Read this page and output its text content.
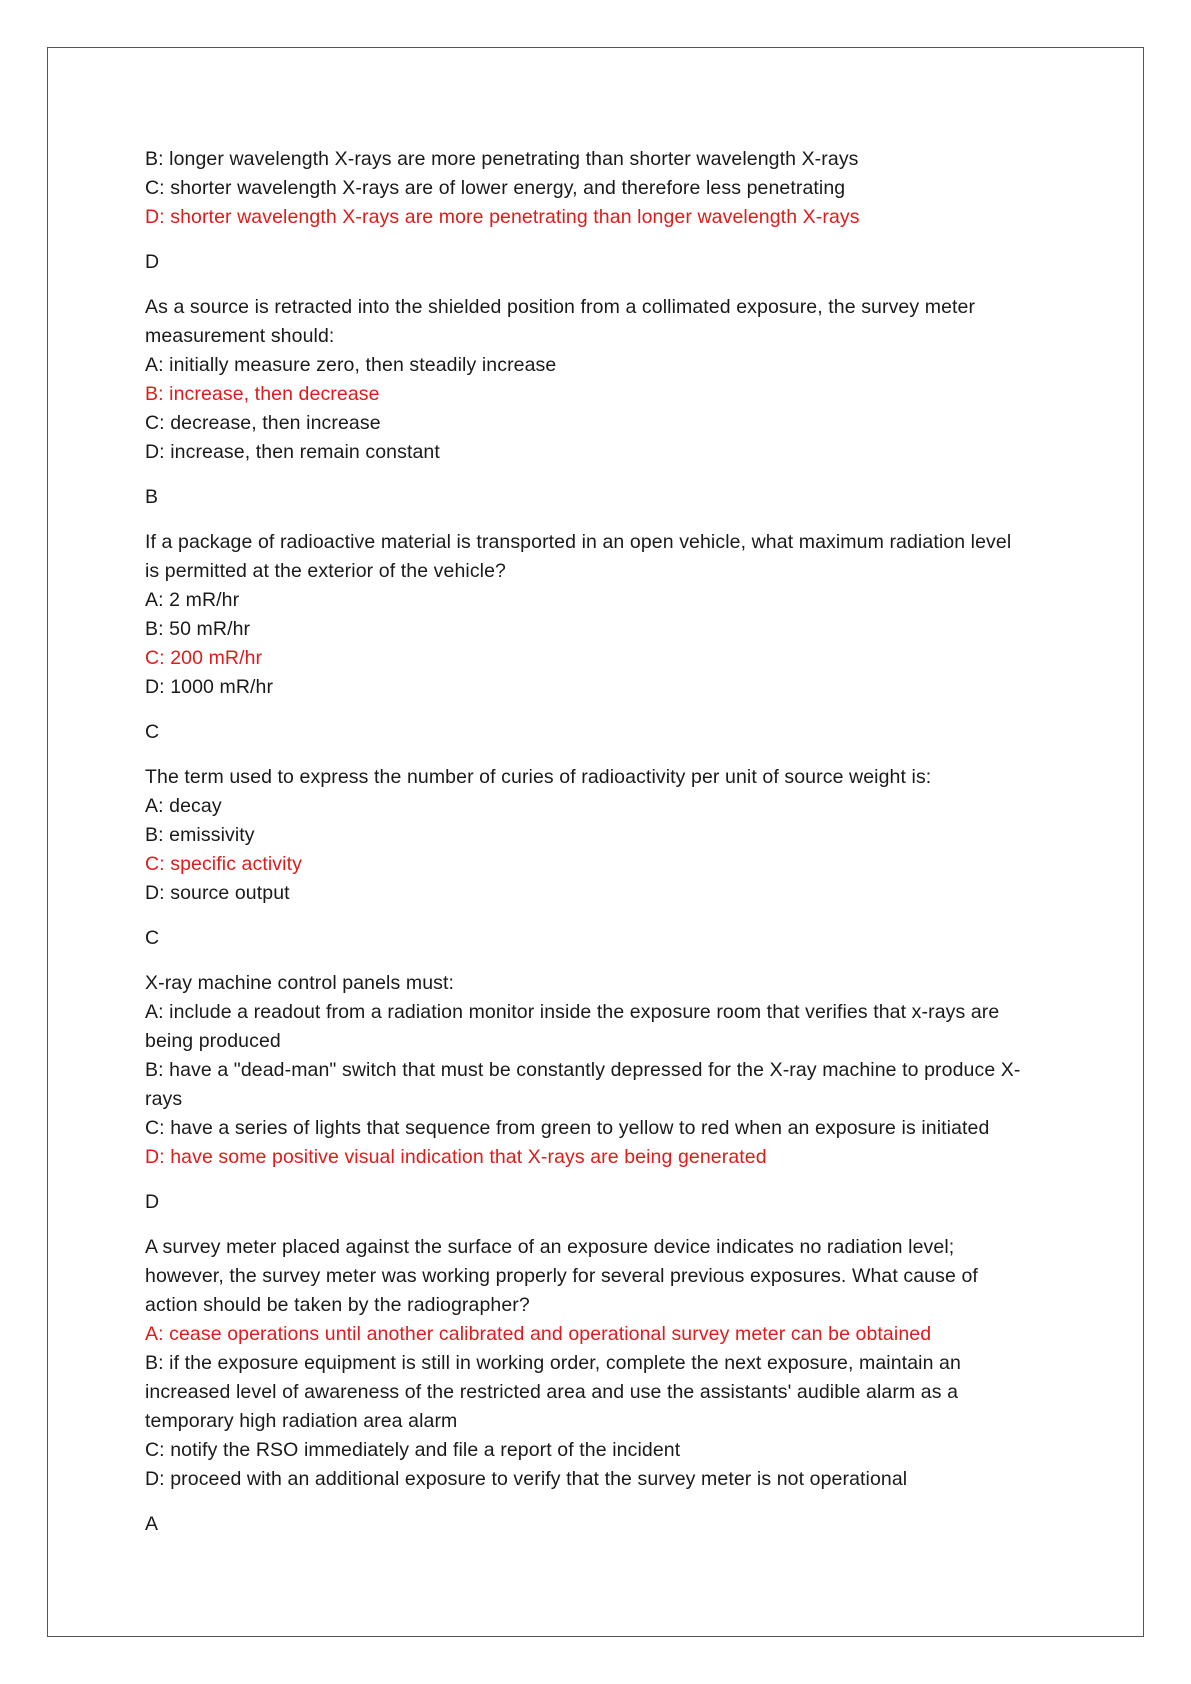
B: longer wavelength X-rays are more penetrating than shorter wavelength X-rays
C: shorter wavelength X-rays are of lower energy, and therefore less penetrating
D: shorter wavelength X-rays are more penetrating than longer wavelength X-rays
D
As a source is retracted into the shielded position from a collimated exposure, the survey meter
measurement should:
A: initially measure zero, then steadily increase
B: increase, then decrease
C: decrease, then increase
D: increase, then remain constant
B
If a package of radioactive material is transported in an open vehicle, what maximum radiation level
is permitted at the exterior of the vehicle?
A: 2 mR/hr
B: 50 mR/hr
C: 200 mR/hr
D: 1000 mR/hr
C
The term used to express the number of curies of radioactivity per unit of source weight is:
A: decay
B: emissivity
C: specific activity
D: source output
C
X-ray machine control panels must:
A: include a readout from a radiation monitor inside the exposure room that verifies that x-rays are
being produced
B: have a "dead-man" switch that must be constantly depressed for the X-ray machine to produce X-
rays
C: have a series of lights that sequence from green to yellow to red when an exposure is initiated
D: have some positive visual indication that X-rays are being generated
D
A survey meter placed against the surface of an exposure device indicates no radiation level;
however, the survey meter was working properly for several previous exposures. What cause of
action should be taken by the radiographer?
A: cease operations until another calibrated and operational survey meter can be obtained
B: if the exposure equipment is still in working order, complete the next exposure, maintain an
increased level of awareness of the restricted area and use the assistants' audible alarm as a
temporary high radiation area alarm
C: notify the RSO immediately and file a report of the incident
D: proceed with an additional exposure to verify that the survey meter is not operational
A
